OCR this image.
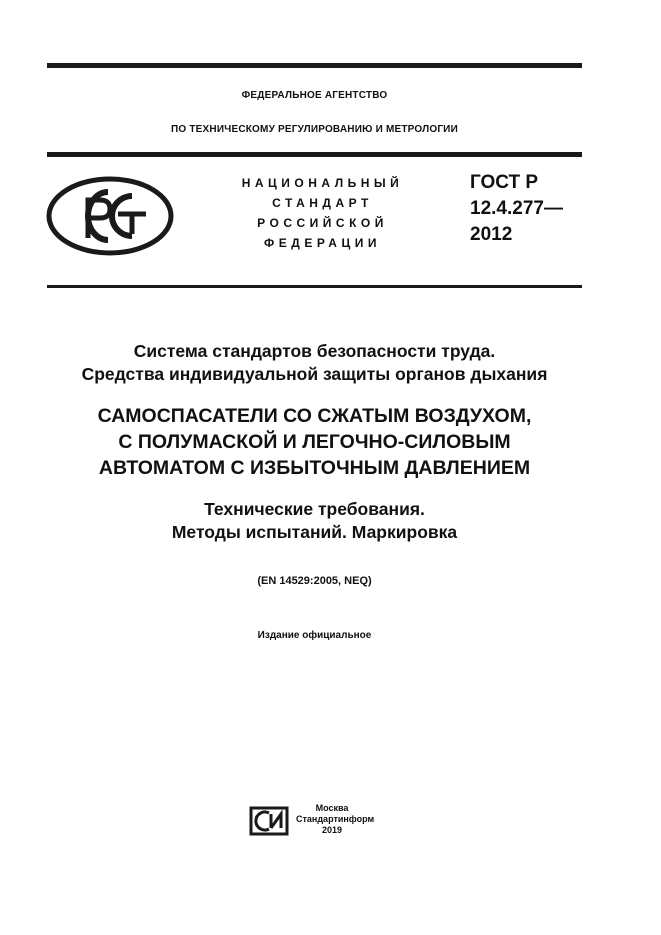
ФЕДЕРАЛЬНОЕ АГЕНТСТВО
ПО ТЕХНИЧЕСКОМУ РЕГУЛИРОВАНИЮ И МЕТРОЛОГИИ
НАЦИОНАЛЬНЫЙ
СТАНДАРТ
РОССИЙСКОЙ
ФЕДЕРАЦИИ
ГОСТ Р
12.4.277—
2012
Система стандартов безопасности труда.
Средства индивидуальной защиты органов дыхания
САМОСПАСАТЕЛИ СО СЖАТЫМ ВОЗДУХОМ,
С ПОЛУМАСКОЙ И ЛЕГОЧНО-СИЛОВЫМ
АВТОМАТОМ С ИЗБЫТОЧНЫМ ДАВЛЕНИЕМ
Технические требования.
Методы испытаний. Маркировка
(EN 14529:2005, NEQ)
Издание официальное
Москва
Стандартинформ
2019
